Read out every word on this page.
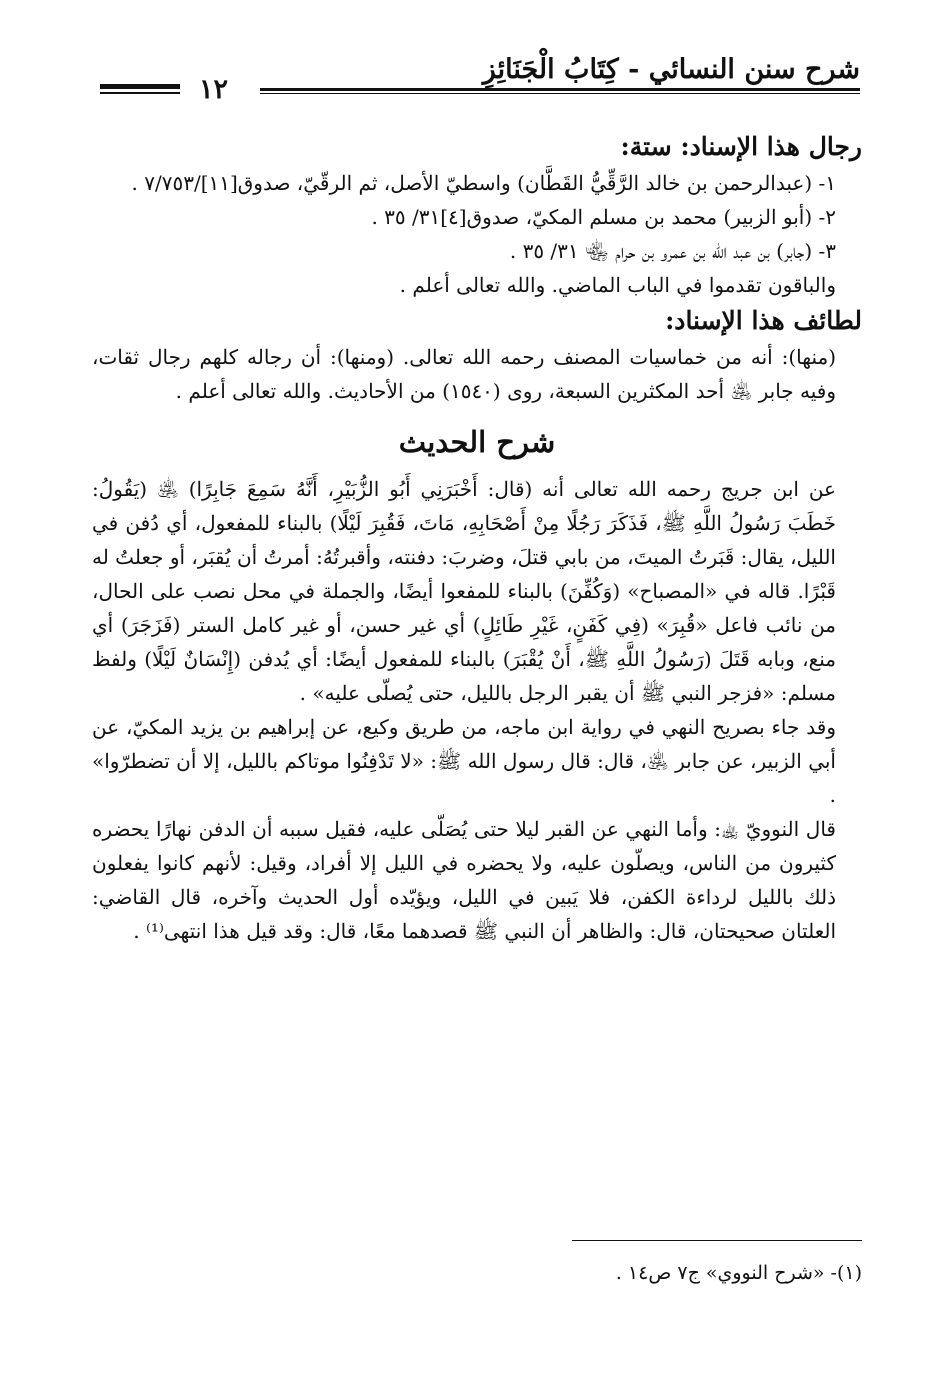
شرح سنن النسائي - كِتَابُ الْجَنَائِزِ
١٢

رجال هذا الإسناد: ستة:

١- (عبدالرحمن بن خالد الرَّقِّيُّ القَطَّان) واسطيّ الأصل، ثم الرقّيّ، صدوق[١١]/٧/٧٥٣ .

٢- (أبو الزبير) محمد بن مسلم المكيّ، صدوق[٤]٣١/ ٣٥ .

٣- (جابر) بن عبد الله بن عمرو بن حرام ﵄ ٣١/ ٣٥ .

والباقون تقدموا في الباب الماضي. والله تعالى أعلم .

لطائف هذا الإسناد:

(منها): أنه من خماسيات المصنف رحمه الله تعالى. (ومنها): أن رجاله كلهم رجال ثقات، وفيه جابر ﵁ أحد المكثرين السبعة، روى (١٥٤٠) من الأحاديث. والله تعالى أعلم .

شرح الحديث

عن ابن جريج رحمه الله تعالى أنه (قال: أَخْبَرَنِي أَبُو الزُّبَيْرِ، أَنَّهُ سَمِعَ جَابِرًا) ﵁ (يَقُولُ: خَطَبَ رَسُولُ اللَّهِ ﷺ، فَذَكَرَ رَجُلًا مِنْ أَصْحَابِهِ، مَاتَ، فَقُبِرَ لَيْلًا) بالبناء للمفعول، أي دُفن في الليل، يقال: قَبَرتُ الميتَ، من بابي قتلَ، وضربَ: دفنته، وأقبرتُهُ: أمرتُ أن يُقبَر، أو جعلتُ له قَبْرًا. قاله في «المصباح» (وَكُفِّنَ) بالبناء للمفعوا أيضًا، والجملة في محل نصب على الحال، من نائب فاعل «قُبِرَ» (فِي كَفَنٍ، غَيْرِ طَائِلٍ) أي غير حسن، أو غير كامل الستر (فَزَجَرَ) أي منع، وبابه قَتَلَ (رَسُولُ اللَّهِ ﷺ، أَنْ يُقْبَرَ) بالبناء للمفعول أيضًا: أي يُدفن (إِنْسَانٌ لَيْلًا) ولفظ مسلم: «فزجر النبي ﷺ أن يقبر الرجل بالليل، حتى يُصلّى عليه» .

وقد جاء بصريح النهي في رواية ابن ماجه، من طريق وكيع، عن إبراهيم بن يزيد المكيّ، عن أبي الزبير، عن جابر ﵁، قال: قال رسول الله ﷺ: «لا تَدْفِنُوا موتاكم بالليل، إلا أن تضطرّوا» .

قال النوويّ ﵀: وأما النهي عن القبر ليلا حتى يُصَلّى عليه، فقيل سببه أن الدفن نهارًا يحضره كثيرون من الناس، ويصلّون عليه، ولا يحضره في الليل إلا أفراد، وقيل: لأنهم كانوا يفعلون ذلك بالليل لرداءة الكفن، فلا يَبين في الليل، ويؤيّده أول الحديث وآخره، قال القاضي: العلتان صحيحتان، قال: والظاهر أن النبي ﷺ قصدهما معًا، قال: وقد قيل هذا انتهى⁽¹⁾ .

(١)- «شرح النووي» ج٧ ص١٤ .
